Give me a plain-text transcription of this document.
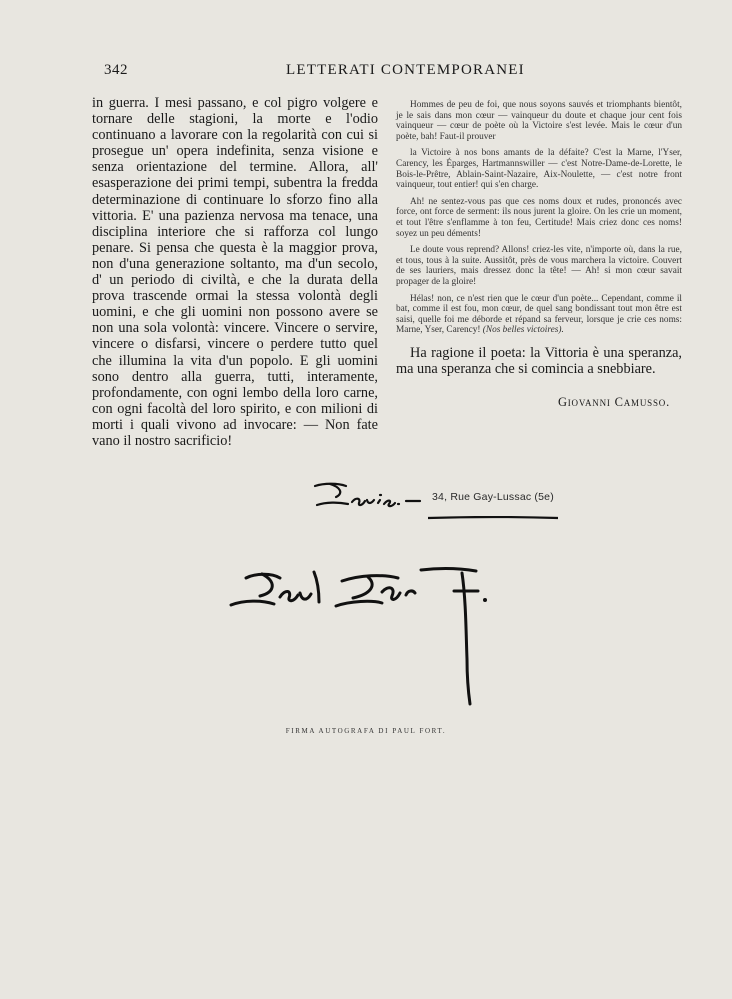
342	LETTERATI CONTEMPORANEI

in guerra. I mesi passano, e col pigro volgere e tornare delle stagioni, la morte e l'odio continuano a lavorare con la regolarità con cui si prosegue un' opera indefinita, senza visione e senza orientazione del termine. Allora, all' esasperazione dei primi tempi, subentra la fredda determinazione di continuare lo sforzo fino alla vittoria. E' una pazienza nervosa ma tenace, una disciplina interiore che si rafforza col lungo penare. Si pensa che questa è la maggior prova, non d'una generazione soltanto, ma d'un secolo, d' un periodo di civiltà, e che la durata della prova trascende ormai la stessa volontà degli uomini, e che gli uomini non possono avere se non una sola volontà: vincere. Vincere o servire, vincere o disfarsi, vincere o perdere tutto quel che illumina la vita d'un popolo. E gli uomini sono dentro alla guerra, tutti, interamente, profondamente, con ogni lembo della loro carne, con ogni facoltà del loro spirito, e con milioni di morti i quali vivono ad invocare: — Non fate vano il nostro sacrificio!

Hommes de peu de foi, que nous soyons sauvés et triomphants bientôt, je le sais dans mon cœur — vainqueur du doute et chaque jour cent fois vainqueur — cœur de poète où la Victoire s'est levée. Mais le cœur d'un poète, bah! Faut-il prouver

la Victoire à nos bons amants de la défaite? C'est la Marne, l'Yser, Carency, les Éparges, Hartmannswiller — c'est Notre-Dame-de-Lorette, le Bois-le-Prêtre, Ablain-Saint-Nazaire, Aix-Noulette, — c'est notre front vainqueur, tout entier! qui s'en charge.

Ah! ne sentez-vous pas que ces noms doux et rudes, prononcés avec force, ont force de serment: ils nous jurent la gloire. On les crie un moment, et tout l'être s'enflamme à ton feu, Certitude! Mais criez donc ces noms! soyez un peu déments!

Le doute vous reprend? Allons! criez-les vite, n'importe où, dans la rue, et tous, tous à la suite. Aussitôt, près de vous marchera la victoire. Couvert de ses lauriers, mais dressez donc la tête! — Ah! si mon cœur savait propager de la gloire!

Hélas! non, ce n'est rien que le cœur d'un poète... Cependant, comme il bat, comme il est fou, mon cœur, de quel sang bondissant tout mon être est saisi, quelle foi me déborde et répand sa ferveur, lorsque je crie ces noms: Marne, Yser, Carency! (Nos belles victoires).

Ha ragione il poeta: la Vittoria è una speranza, ma una speranza che si comincia a snebbiare.
Giovanni Camusso.
34, Rue Gay-Lussac (5e)
FIRMA AUTOGRAFA DI PAUL FORT.
